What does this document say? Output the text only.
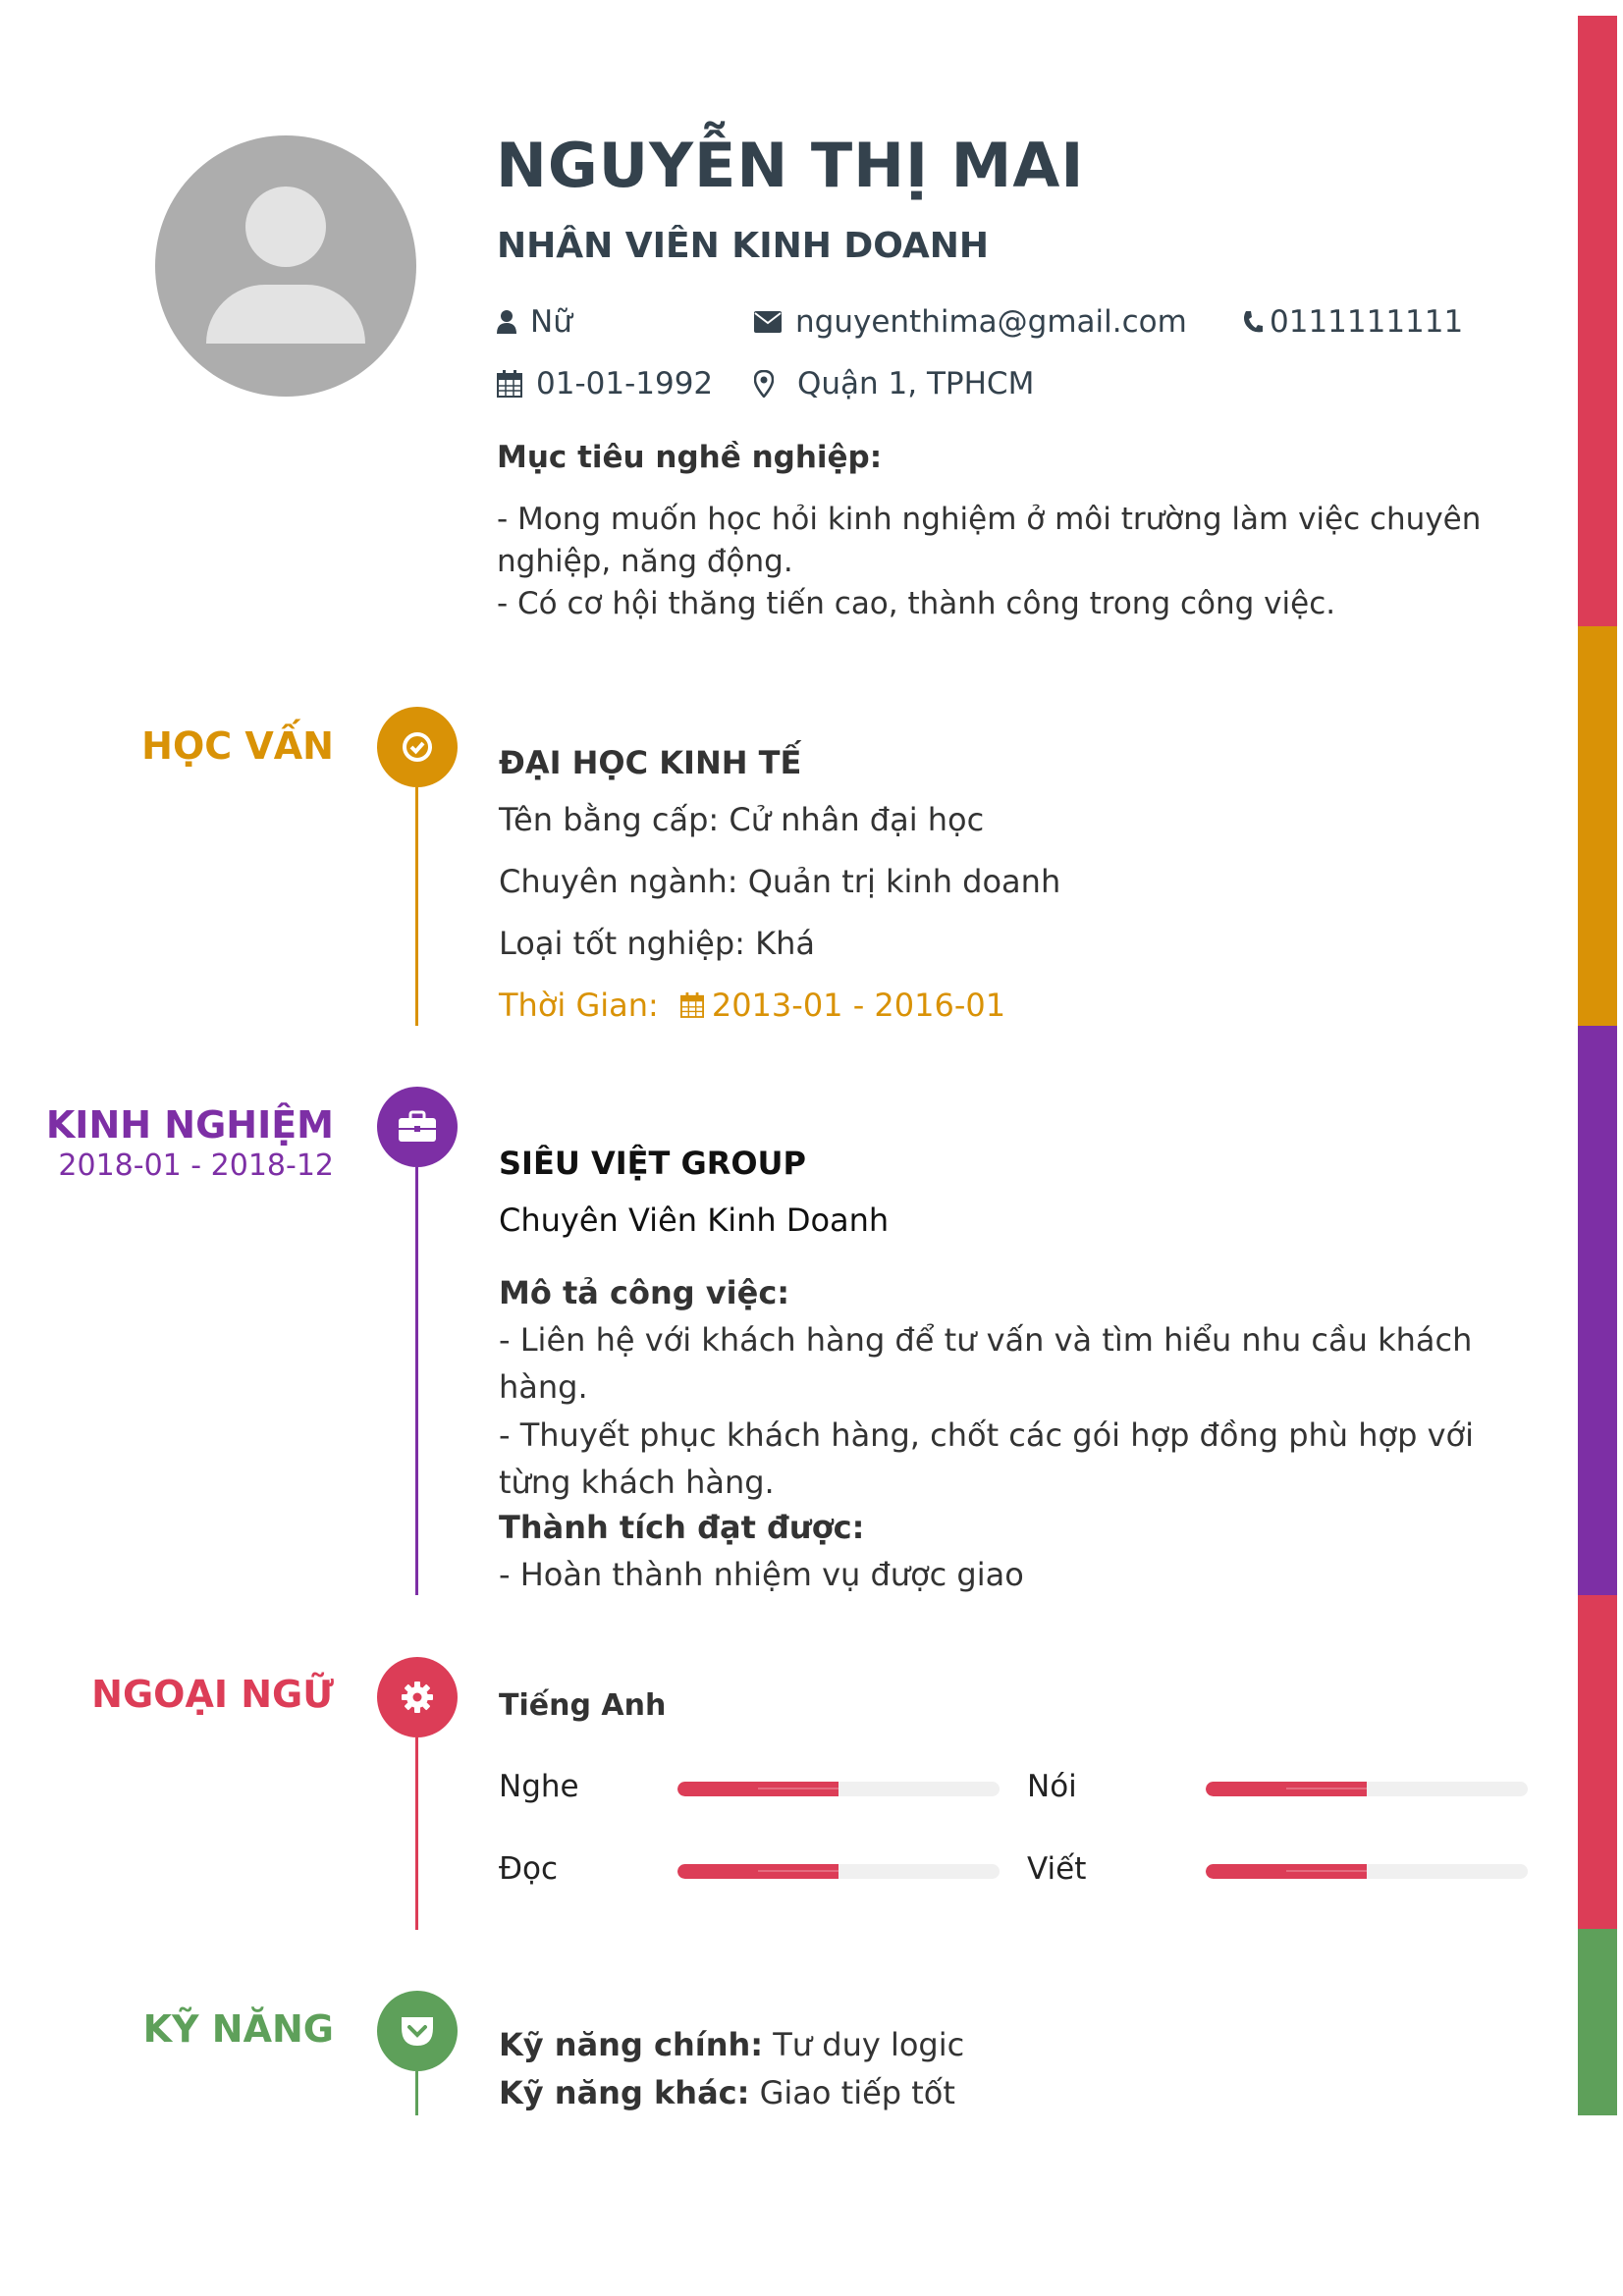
NGUYỄN THỊ MAI
NHÂN VIÊN KINH DOANH
Nữ	nguyenthima@gmail.com	0111111111
01-01-1992	Quận 1, TPHCM
Mục tiêu nghề nghiệp:
- Mong muốn học hỏi kinh nghiệm ở môi trường làm việc chuyên nghiệp, năng động.
- Có cơ hội thăng tiến cao, thành công trong công việc.
HỌC VẤN	ĐẠI HỌC KINH TẾ
Tên bằng cấp: Cử nhân đại học
Chuyên ngành: Quản trị kinh doanh
Loại tốt nghiệp: Khá
Thời Gian: 2013-01 - 2016-01
KINH NGHIỆM
2018-01 - 2018-12	SIÊU VIỆT GROUP
Chuyên Viên Kinh Doanh
Mô tả công việc:
- Liên hệ với khách hàng để tư vấn và tìm hiểu nhu cầu khách
hàng.
- Thuyết phục khách hàng, chốt các gói hợp đồng phù hợp với
từng khách hàng.
Thành tích đạt được:
- Hoàn thành nhiệm vụ được giao
NGOẠI NGỮ	Tiếng Anh
Nghe	Nói
Đọc	Viết
KỸ NĂNG	Kỹ năng chính: Tư duy logic
Kỹ năng khác: Giao tiếp tốt
